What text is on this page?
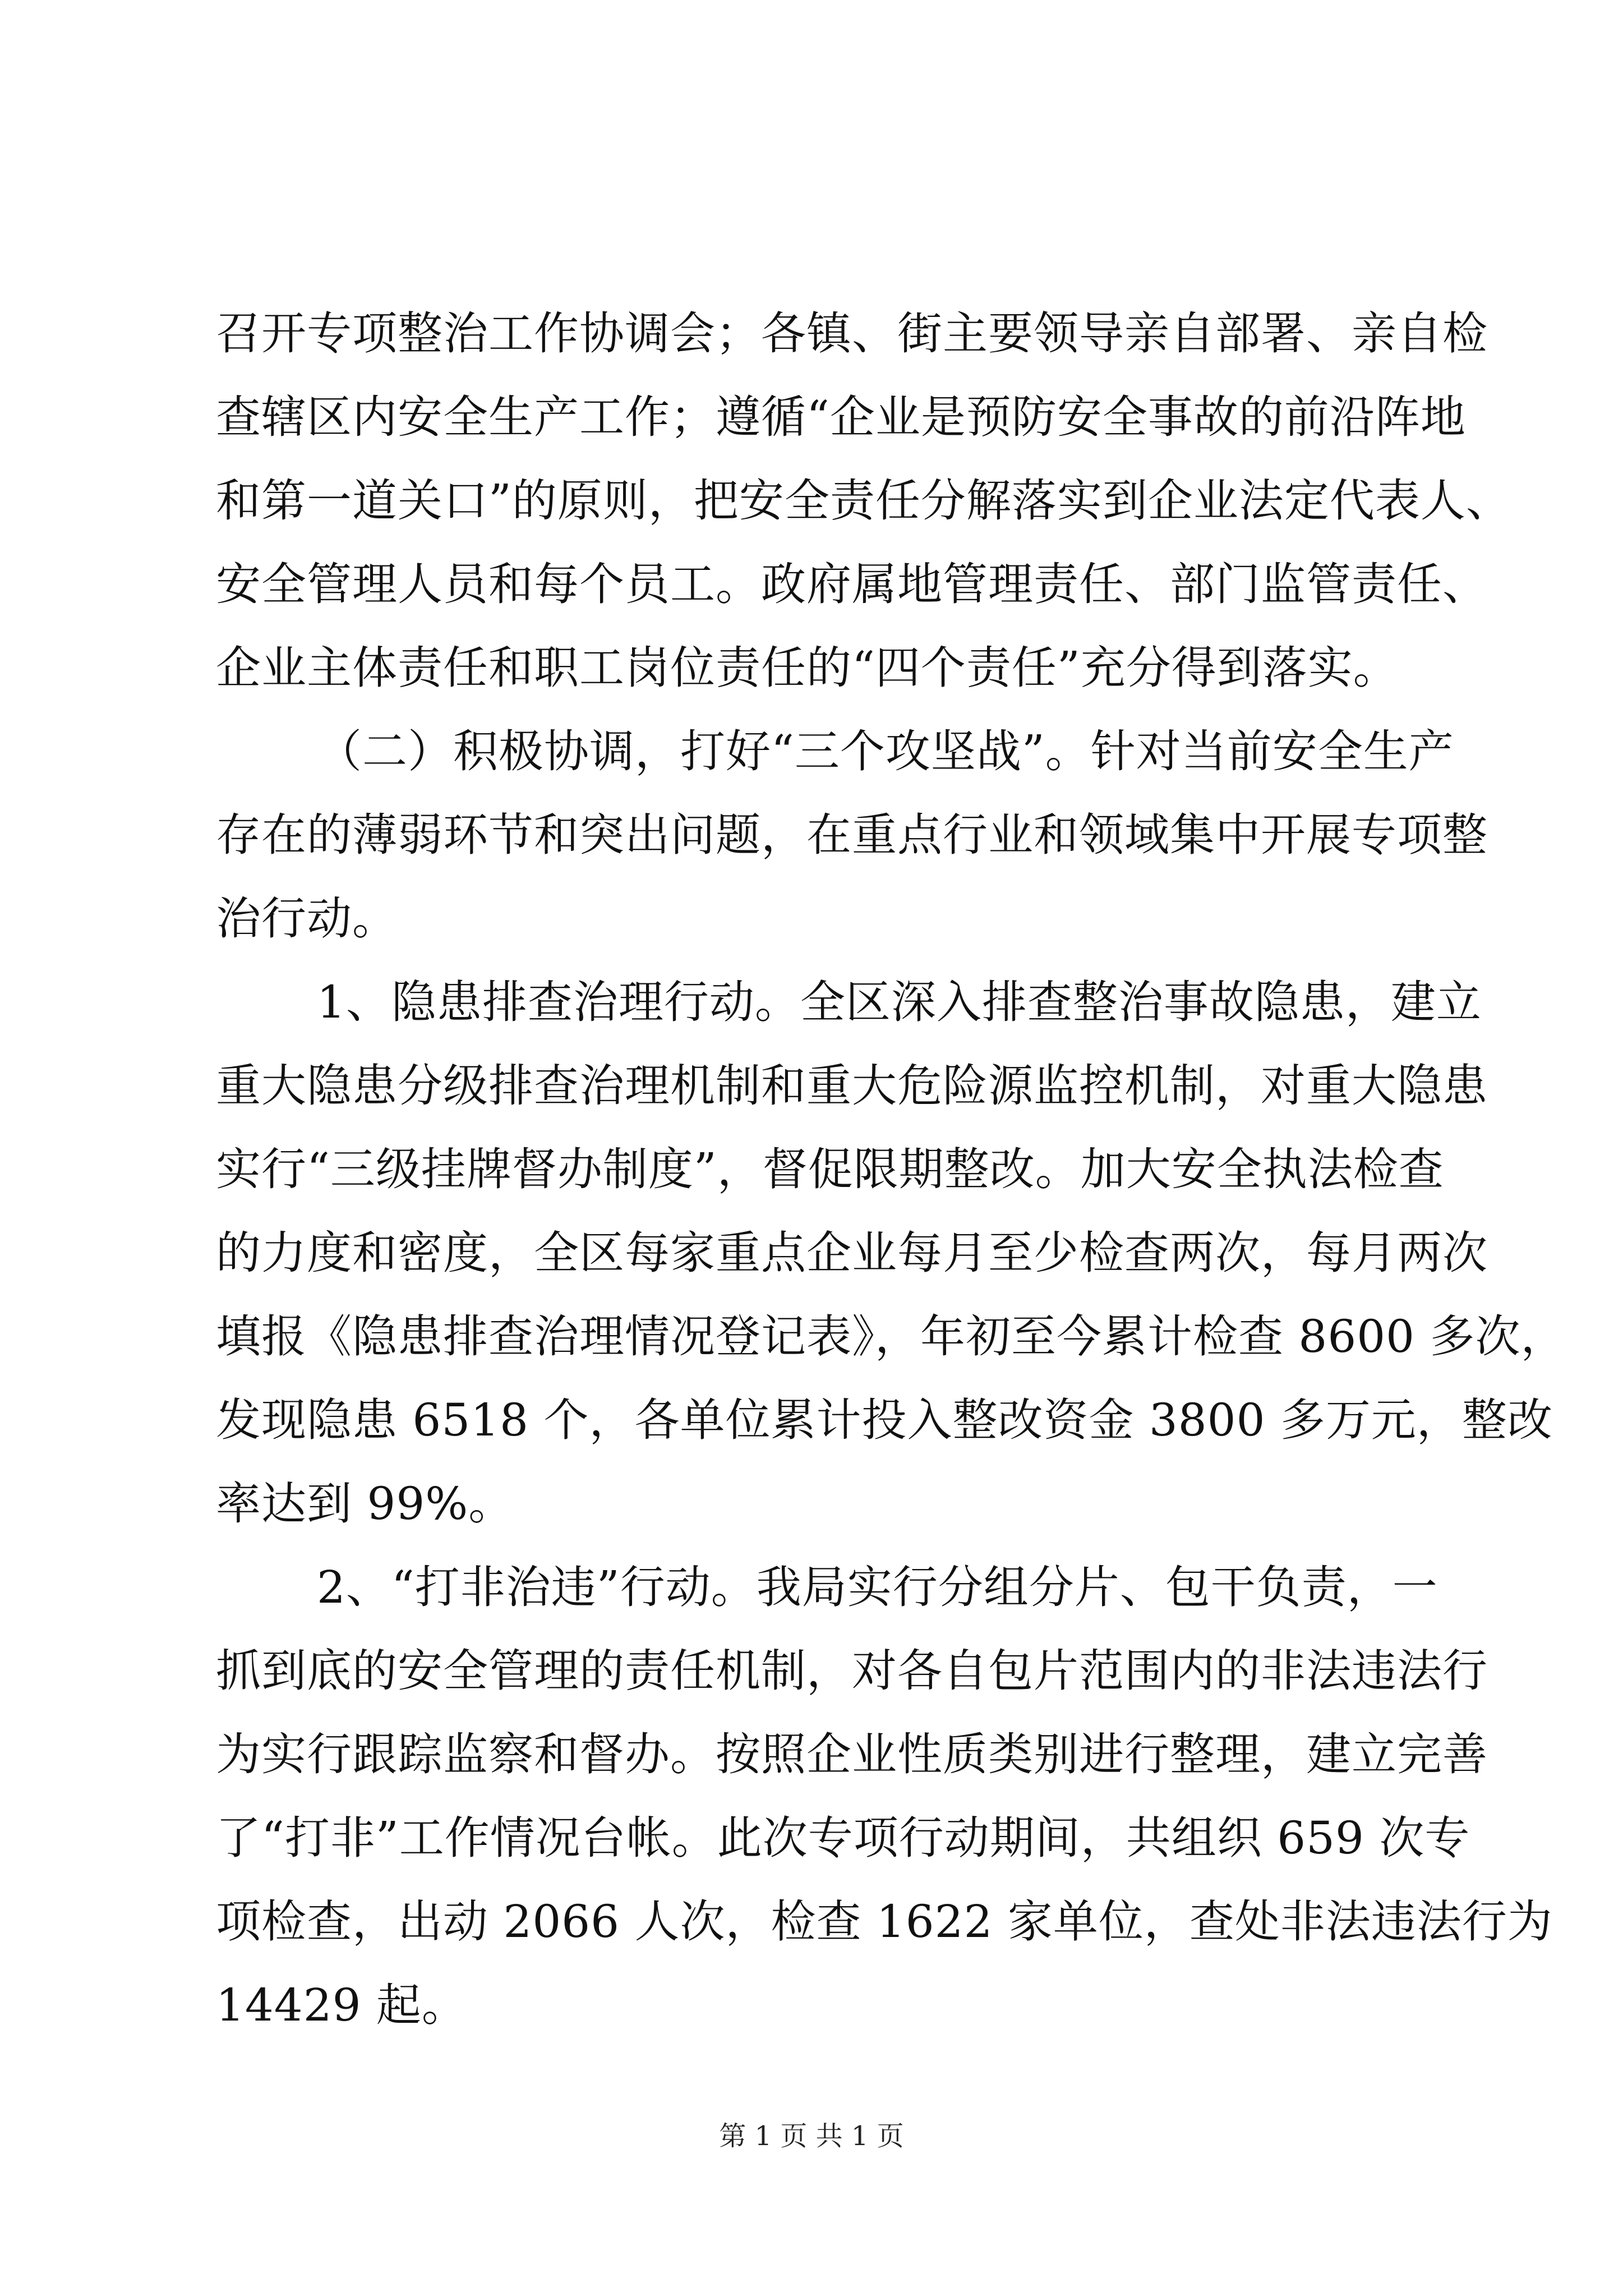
召开专项整治工作协调会；各镇、街主要领导亲自部署、亲自检
查辖区内安全生产工作；遵循“企业是预防安全事故的前沿阵地
和第一道关口”的原则，把安全责任分解落实到企业法定代表人、
安全管理人员和每个员工。政府属地管理责任、部门监管责任、
企业主体责任和职工岗位责任的“四个责任”充分得到落实。
（二）积极协调，打好“三个攻坚战”。针对当前安全生产
存在的薄弱环节和突出问题，在重点行业和领域集中开展专项整
治行动。
1、隐患排查治理行动。全区深入排查整治事故隐患，建立
重大隐患分级排查治理机制和重大危险源监控机制，对重大隐患
实行“三级挂牌督办制度”，督促限期整改。加大安全执法检查
的力度和密度，全区每家重点企业每月至少检查两次，每月两次
填报《隐患排查治理情况登记表》，年初至今累计检查 8600 多次，
发现隐患 6518 个，各单位累计投入整改资金 3800 多万元，整改
率达到 99%。
2、“打非治违”行动。我局实行分组分片、包干负责，一
抓到底的安全管理的责任机制，对各自包片范围内的非法违法行
为实行跟踪监察和督办。按照企业性质类别进行整理，建立完善
了“打非”工作情况台帐。此次专项行动期间，共组织 659 次专
项检查，出动 2066 人次，检查 1622 家单位，查处非法违法行为
14429 起。
第 1 页 共 1 页
